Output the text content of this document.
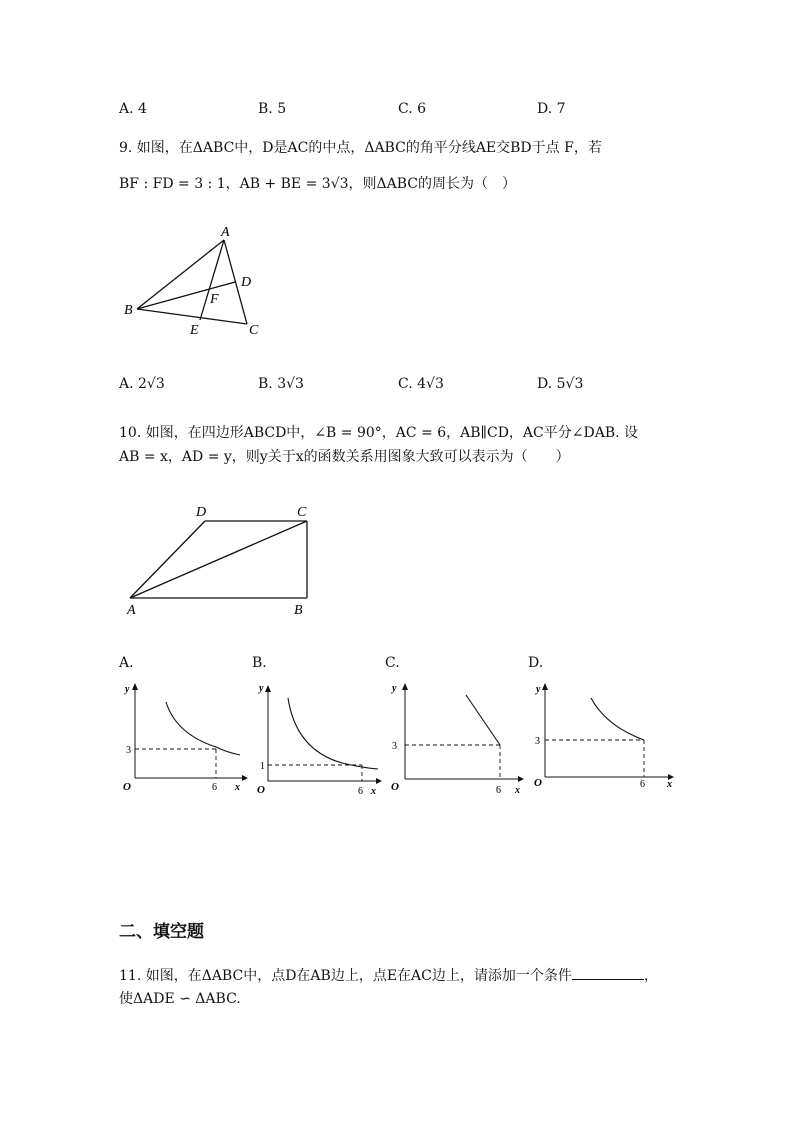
A. 4	B. 5	C. 6	D. 7
9. 如图，在ΔABC中，D是AC的中点，ΔABC的角平分线AE交BD于点 F，若
BF : FD = 3 : 1，AB + BE = 3√3，则ΔABC的周长为（　）
A
B
C
D
E
F
A. 2√3	B. 3√3	C. 4√3	D. 5√3
10. 如图，在四边形ABCD中，∠B = 90°，AC = 6，AB∥CD，AC平分∠DAB. 设
AB = x，AD = y，则y关于x的函数关系用图象大致可以表示为（　　）
A	B
C
D
A.	B.	C.	D.
y
x
O
3
6
y
x
O
1
6
y
x
O
3
6
y
x
O
3
6
二、填空题
11. 如图，在ΔABC中，点D在AB边上，点E在AC边上，请添加一个条件	，
使ΔADE ∽ ΔABC.
